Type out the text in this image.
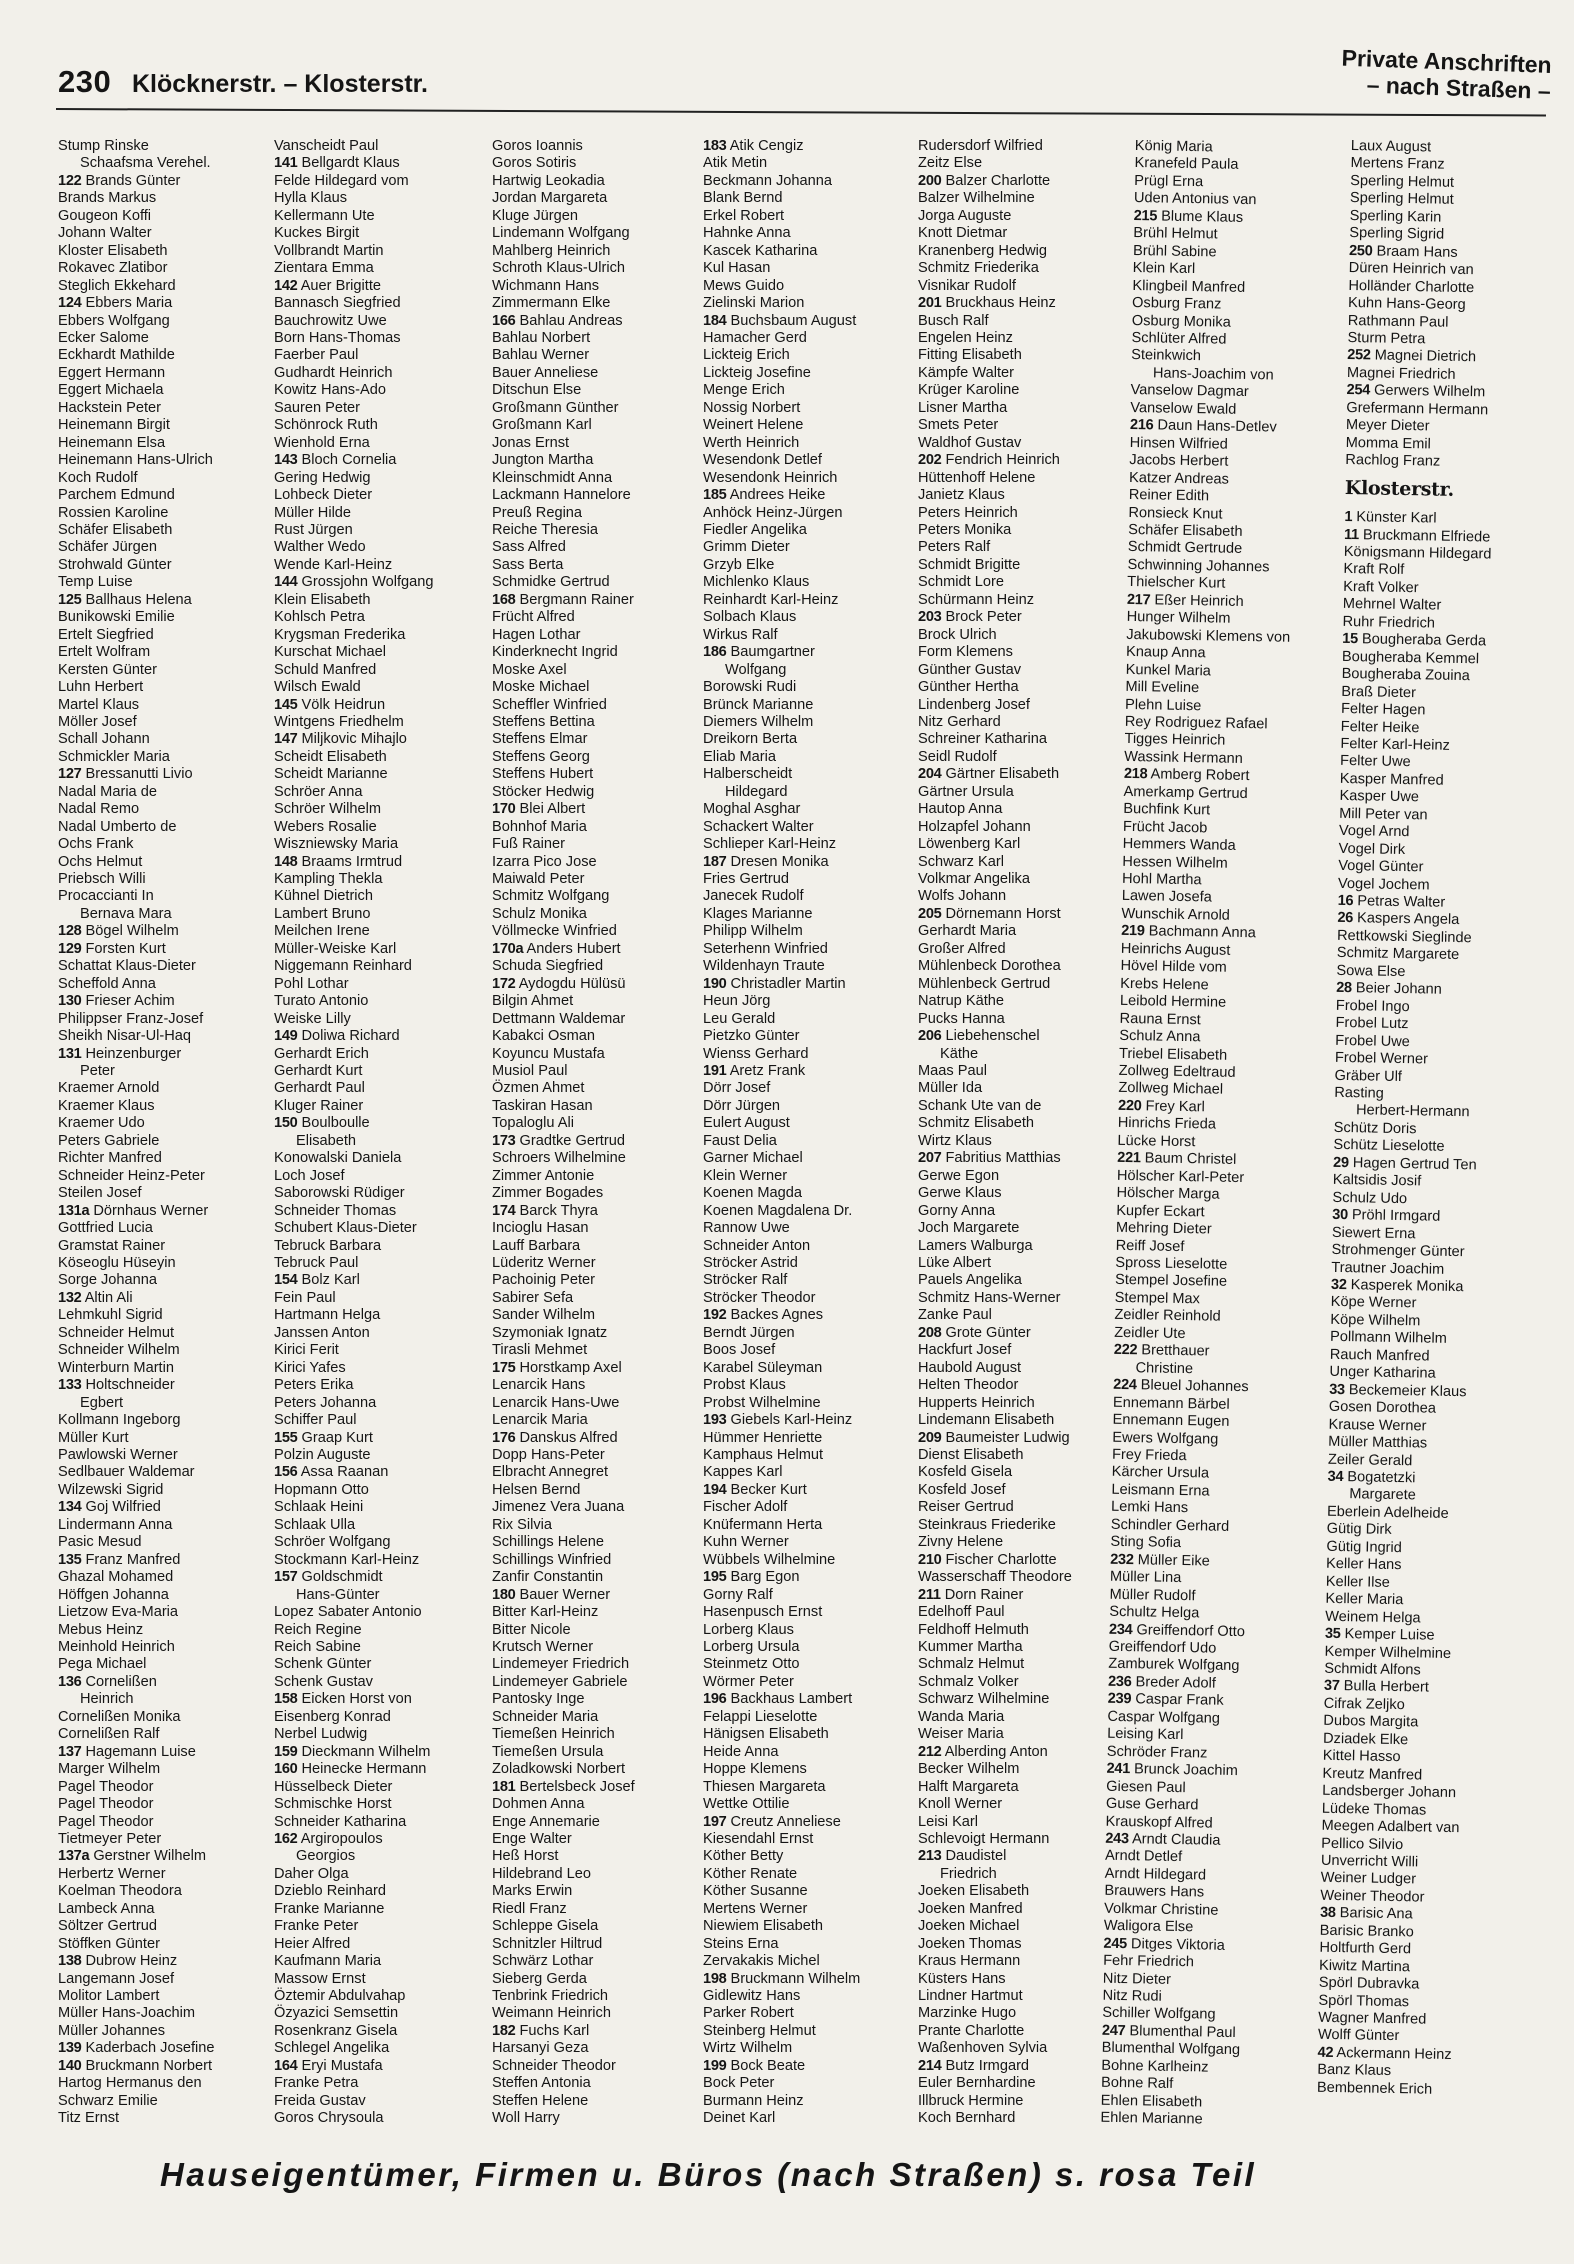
230 Klöcknerstr. – Klosterstr.
Private Anschriften
– nach Straßen –
Stump Rinske
Schaafsma Verehel.
122 Brands Günter
Brands Markus
Gougeon Koffi
Johann Walter
Kloster Elisabeth
Rokavec Zlatibor
Steglich Ekkehard
124 Ebbers Maria
Ebbers Wolfgang
Ecker Salome
Eckhardt Mathilde
Eggert Hermann
Eggert Michaela
Hackstein Peter
Heinemann Birgit
Heinemann Elsa
Heinemann Hans-Ulrich
Koch Rudolf
Parchem Edmund
Rossien Karoline
Schäfer Elisabeth
Schäfer Jürgen
Strohwald Günter
Temp Luise
125 Ballhaus Helena
Bunikowski Emilie
Ertelt Siegfried
Ertelt Wolfram
Kersten Günter
Luhn Herbert
Martel Klaus
Möller Josef
Schall Johann
Schmickler Maria
127 Bressanutti Livio
Nadal Maria de
Nadal Remo
Nadal Umberto de
Ochs Frank
Ochs Helmut
Priebsch Willi
Procacciantі In
Bernava Mara
128 Bögel Wilhelm
129 Forsten Kurt
Schattat Klaus-Dieter
Scheffold Anna
130 Frieser Achim
Philippser Franz-Josef
Sheikh Nisar-Ul-Haq
131 Heinzenburger
Peter
Kraemer Arnold
Kraemer Klaus
Kraemer Udo
Peters Gabriele
Richter Manfred
Schneider Heinz-Peter
Steilen Josef
131a Dörnhaus Werner
Gottfried Lucia
Gramstat Rainer
Köseoglu Hüseyin
Sorge Johanna
132 Altin Ali
Lehmkuhl Sigrid
Schneider Helmut
Schneider Wilhelm
Winterburn Martin
133 Holtschneider
Egbert
Kollmann Ingeborg
Müller Kurt
Pawlowski Werner
Sedlbauer Waldemar
Wilzewski Sigrid
134 Goj Wilfried
Lindermann Anna
Pasic Mesud
135 Franz Manfred
Ghazal Mohamed
Höffgen Johanna
Lietzow Eva-Maria
Mebus Heinz
Meinhold Heinrich
Pega Michael
136 Cornelißen
Heinrich
Cornelißen Monika
Cornelißen Ralf
137 Hagemann Luise
Marger Wilhelm
Pagel Theodor
Pagel Theodor
Pagel Theodor
Tietmeyer Peter
137a Gerstner Wilhelm
Herbertz Werner
Koelman Theodora
Lambeck Anna
Söltzer Gertrud
Stöffken Günter
138 Dubrow Heinz
Langemann Josef
Molitor Lambert
Müller Hans-Joachim
Müller Johannes
139 Kaderbach Josefine
140 Bruckmann Norbert
Hartog Hermanus den
Schwarz Emilie
Titz Ernst
Vanscheidt Paul
141 Bellgardt Klaus
Felde Hildegard vom
Hylla Klaus
Kellermann Ute
Kuckes Birgit
Vollbrandt Martin
Zientara Emma
142 Auer Brigitte
Bannasch Siegfried
Bauchrowitz Uwe
Born Hans-Thomas
Faerber Paul
Gudhardt Heinrich
Kowitz Hans-Ado
Sauren Peter
Schönrock Ruth
Wienhold Erna
143 Bloch Cornelia
Gering Hedwig
Lohbeck Dieter
Müller Hilde
Rust Jürgen
Walther Wedo
Wende Karl-Heinz
144 Grossjohn Wolfgang
Klein Elisabeth
Kohlsch Petra
Krygsman Frederika
Kurschat Michael
Schuld Manfred
Wilsch Ewald
145 Völk Heidrun
Wintgens Friedhelm
147 Miljkovic Mihajlo
Scheidt Elisabeth
Scheidt Marianne
Schröer Anna
Schröer Wilhelm
Webers Rosalie
Wiszniewsky Maria
148 Braams Irmtrud
Kampling Thekla
Kühnel Dietrich
Lambert Bruno
Meilchen Irene
Müller-Weiske Karl
Niggemann Reinhard
Pohl Lothar
Turato Antonio
Weiske Lilly
149 Doliwa Richard
Gerhardt Erich
Gerhardt Kurt
Gerhardt Paul
Kluger Rainer
150 Boulboulle
Elisabeth
Konowalski Daniela
Loch Josef
Saborowski Rüdiger
Schneider Thomas
Schubert Klaus-Dieter
Tebruck Barbara
Tebruck Paul
154 Bolz Karl
Fein Paul
Hartmann Helga
Janssen Anton
Kirici Ferit
Kirici Yafes
Peters Erika
Peters Johanna
Schiffer Paul
155 Graap Kurt
Polzin Auguste
156 Assa Raanan
Hopmann Otto
Schlaak Heini
Schlaak Ulla
Schröer Wolfgang
Stockmann Karl-Heinz
157 Goldschmidt
Hans-Günter
Lopez Sabater Antonio
Reich Regine
Reich Sabine
Schenk Günter
Schenk Gustav
158 Eicken Horst von
Eisenberg Konrad
Nerbel Ludwig
159 Dieckmann Wilhelm
160 Heinecke Hermann
Hüsselbeck Dieter
Schmischke Horst
Schneider Katharina
162 Argiropoulos
Georgios
Daher Olga
Dzieblo Reinhard
Franke Marianne
Franke Peter
Heier Alfred
Kaufmann Maria
Massow Ernst
Öztemir Abdulvahap
Özyazici Semsettin
Rosenkranz Gisela
Schlegel Angelika
164 Eryi Mustafa
Franke Petra
Freida Gustav
Goros Chrysoula
Goros Ioannis
Goros Sotiris
Hartwig Leokadia
Jordan Margareta
Kluge Jürgen
Lindemann Wolfgang
Mahlberg Heinrich
Schroth Klaus-Ulrich
Wichmann Hans
Zimmermann Elke
166 Bahlau Andreas
Bahlau Norbert
Bahlau Werner
Bauer Anneliese
Ditschun Else
Großmann Günther
Großmann Karl
Jonas Ernst
Jungton Martha
Kleinschmidt Anna
Lackmann Hannelore
Preuß Regina
Reiche Theresia
Sass Alfred
Sass Berta
Schmidke Gertrud
168 Bergmann Rainer
Frücht Alfred
Hagen Lothar
Kinderknecht Ingrid
Moske Axel
Moske Michael
Scheffler Winfried
Steffens Bettina
Steffens Elmar
Steffens Georg
Steffens Hubert
Stöcker Hedwig
170 Blei Albert
Bohnhof Maria
Fuß Rainer
Izarra Pico Jose
Maiwald Peter
Schmitz Wolfgang
Schulz Monika
Völlmecke Winfried
170a Anders Hubert
Schuda Siegfried
172 Aydogdu Hülüsü
Bilgin Ahmet
Dettmann Waldemar
Kabakci Osman
Koyuncu Mustafa
Musiol Paul
Özmen Ahmet
Taskiran Hasan
Topaloglu Ali
173 Gradtke Gertrud
Schroers Wilhelmine
Zimmer Antonie
Zimmer Bogades
174 Barck Thyra
Incioglu Hasan
Lauff Barbara
Lüderitz Werner
Pachoinig Peter
Sabirer Sefa
Sander Wilhelm
Szymoniak Ignatz
Tirasli Mehmet
175 Horstkamp Axel
Lenarcik Hans
Lenarcik Hans-Uwe
Lenarcik Maria
176 Danskus Alfred
Dopp Hans-Peter
Elbracht Annegret
Helsen Bernd
Jimenez Vera Juana
Rix Silvia
Schillings Helene
Schillings Winfried
Zanfir Constantin
180 Bauer Werner
Bitter Karl-Heinz
Bitter Nicole
Krutsch Werner
Lindemeyer Friedrich
Lindemeyer Gabriele
Pantosky Inge
Schneider Maria
Tiemeßen Heinrich
Tiemeßen Ursula
Zoladkowski Norbert
181 Bertelsbeck Josef
Dohmen Anna
Enge Annemarie
Enge Walter
Heß Horst
Hildebrand Leo
Marks Erwin
Riedl Franz
Schleppe Gisela
Schnitzler Hiltrud
Schwärz Lothar
Sieberg Gerda
Tenbrink Friedrich
Weimann Heinrich
182 Fuchs Karl
Harsanyi Geza
Schneider Theodor
Steffen Antonia
Steffen Helene
Woll Harry
183 Atik Cengiz
Atik Metin
Beckmann Johanna
Blank Bernd
Erkel Robert
Hahnke Anna
Kascek Katharina
Kul Hasan
Mews Guido
Zielinski Marion
184 Buchsbaum August
Hamacher Gerd
Lickteig Erich
Lickteig Josefine
Menge Erich
Nossig Norbert
Weinert Helene
Werth Heinrich
Wesendonk Detlef
Wesendonk Heinrich
185 Andrees Heike
Anhöck Heinz-Jürgen
Fiedler Angelika
Grimm Dieter
Grzyb Elke
Michlenko Klaus
Reinhardt Karl-Heinz
Solbach Klaus
Wirkus Ralf
186 Baumgartner
Wolfgang
Borowski Rudi
Brünck Marianne
Diemers Wilhelm
Dreikorn Berta
Eliab Maria
Halberscheidt
Hildegard
Moghal Asghar
Schackert Walter
Schlieper Karl-Heinz
187 Dresen Monika
Fries Gertrud
Janecek Rudolf
Klages Marianne
Philipp Wilhelm
Seterhenn Winfried
Wildenhayn Traute
190 Christadler Martin
Heun Jörg
Leu Gerald
Pietzko Günter
Wienss Gerhard
191 Aretz Frank
Dörr Josef
Dörr Jürgen
Eulert August
Faust Delia
Garner Michael
Klein Werner
Koenen Magda
Koenen Magdalena Dr.
Rannow Uwe
Schneider Anton
Ströcker Astrid
Ströcker Ralf
Ströcker Theodor
192 Backes Agnes
Berndt Jürgen
Boos Josef
Karabel Süleyman
Probst Klaus
Probst Wilhelmine
193 Giebels Karl-Heinz
Hümmer Henriette
Kamphaus Helmut
Kappes Karl
194 Becker Kurt
Fischer Adolf
Knüfermann Herta
Kuhn Werner
Wübbels Wilhelmine
195 Barg Egon
Gorny Ralf
Hasenpusch Ernst
Lorberg Klaus
Lorberg Ursula
Steinmetz Otto
Wörmer Peter
196 Backhaus Lambert
Felappi Lieselotte
Hänigsen Elisabeth
Heide Anna
Hoppe Klemens
Thiesen Margareta
Wettke Ottilie
197 Creutz Anneliese
Kiesendahl Ernst
Köther Betty
Köther Renate
Köther Susanne
Mertens Werner
Niewiem Elisabeth
Steins Erna
Zervakakis Michel
198 Bruckmann Wilhelm
Gidlewitz Hans
Parker Robert
Steinberg Helmut
Wirtz Wilhelm
199 Bock Beate
Bock Peter
Burmann Heinz
Deinet Karl
Rudersdorf Wilfried
Zeitz Else
200 Balzer Charlotte
Balzer Wilhelmine
Jorga Auguste
Knott Dietmar
Kranenberg Hedwig
Schmitz Friederika
Visnikar Rudolf
201 Bruckhaus Heinz
Busch Ralf
Engelen Heinz
Fitting Elisabeth
Kämpfe Walter
Krüger Karoline
Lisner Martha
Smets Peter
Waldhof Gustav
202 Fendrich Heinrich
Hüttenhoff Helene
Janietz Klaus
Peters Heinrich
Peters Monika
Peters Ralf
Schmidt Brigitte
Schmidt Lore
Schürmann Heinz
203 Brock Peter
Brock Ulrich
Form Klemens
Günther Gustav
Günther Hertha
Lindenberg Josef
Nitz Gerhard
Schreiner Katharina
Seidl Rudolf
204 Gärtner Elisabeth
Gärtner Ursula
Hautop Anna
Holzapfel Johann
Löwenberg Karl
Schwarz Karl
Volkmar Angelika
Wolfs Johann
205 Dörnemann Horst
Gerhardt Maria
Großer Alfred
Mühlenbeck Dorothea
Mühlenbeck Gertrud
Natrup Käthe
Pucks Hanna
206 Liebehenschel
Käthe
Maas Paul
Müller Ida
Schank Ute van de
Schmitz Elisabeth
Wirtz Klaus
207 Fabritius Matthias
Gerwe Egon
Gerwe Klaus
Gorny Anna
Joch Margarete
Lamers Walburga
Lüke Albert
Pauels Angelika
Schmitz Hans-Werner
Zanke Paul
208 Grote Günter
Hackfurt Josef
Haubold August
Helten Theodor
Hupperts Heinrich
Lindemann Elisabeth
209 Baumeister Ludwig
Dienst Elisabeth
Kosfeld Gisela
Kosfeld Josef
Reiser Gertrud
Steinkraus Friederike
Zivny Helene
210 Fischer Charlotte
Wasserschaff Theodore
211 Dorn Rainer
Edelhoff Paul
Feldhoff Helmuth
Kummer Martha
Schmalz Helmut
Schmalz Volker
Schwarz Wilhelmine
Wanda Maria
Weiser Maria
212 Alberding Anton
Becker Wilhelm
Halft Margareta
Knoll Werner
Leisi Karl
Schlevoigt Hermann
213 Daudistel
Friedrich
Joeken Elisabeth
Joeken Manfred
Joeken Michael
Joeken Thomas
Kraus Hermann
Küsters Hans
Lindner Hartmut
Marzinke Hugo
Prante Charlotte
Waßenhoven Sylvia
214 Butz Irmgard
Euler Bernhardine
Illbruck Hermine
Koch Bernhard
König Maria
Kranefeld Paula
Prügl Erna
Uden Antonius van
215 Blume Klaus
Brühl Helmut
Brühl Sabine
Klein Karl
Klingbeil Manfred
Osburg Franz
Osburg Monika
Schlüter Alfred
Steinkwich
Hans-Joachim von
Vanselow Dagmar
Vanselow Ewald
216 Daun Hans-Detlev
Hinsen Wilfried
Jacobs Herbert
Katzer Andreas
Reiner Edith
Ronsieck Knut
Schäfer Elisabeth
Schmidt Gertrude
Schwinning Johannes
Thielscher Kurt
217 Eßer Heinrich
Hunger Wilhelm
Jakubowski Klemens von
Knaup Anna
Kunkel Maria
Mill Eveline
Plehn Luise
Rey Rodriguez Rafael
Tigges Heinrich
Wassink Hermann
218 Amberg Robert
Amerkamp Gertrud
Buchfink Kurt
Frücht Jacob
Hemmers Wanda
Hessen Wilhelm
Hohl Martha
Lawen Josefa
Wunschik Arnold
219 Bachmann Anna
Heinrichs August
Hövel Hilde vom
Krebs Helene
Leibold Hermine
Rauna Ernst
Schulz Anna
Triebel Elisabeth
Zollweg Edeltraud
Zollweg Michael
220 Frey Karl
Hinrichs Frieda
Lücke Horst
221 Baum Christel
Hölscher Karl-Peter
Hölscher Marga
Kupfer Eckart
Mehring Dieter
Reiff Josef
Spross Lieselotte
Stempel Josefine
Stempel Max
Zeidler Reinhold
Zeidler Ute
222 Bretthauer
Christine
224 Bleuel Johannes
Ennemann Bärbel
Ennemann Eugen
Ewers Wolfgang
Frey Frieda
Kärcher Ursula
Leismann Erna
Lemki Hans
Schindler Gerhard
Sting Sofia
232 Müller Eike
Müller Lina
Müller Rudolf
Schultz Helga
234 Greiffendorf Otto
Greiffendorf Udo
Zamburek Wolfgang
236 Breder Adolf
239 Caspar Frank
Caspar Wolfgang
Leising Karl
Schröder Franz
241 Brunck Joachim
Giesen Paul
Guse Gerhard
Krauskopf Alfred
243 Arndt Claudia
Arndt Detlef
Arndt Hildegard
Brauwers Hans
Volkmar Christine
Waligora Else
245 Ditges Viktoria
Fehr Friedrich
Nitz Dieter
Nitz Rudi
Schiller Wolfgang
247 Blumenthal Paul
Blumenthal Wolfgang
Bohne Karlheinz
Bohne Ralf
Ehlen Elisabeth
Ehlen Marianne
Laux August
Mertens Franz
Sperling Helmut
Sperling Helmut
Sperling Karin
Sperling Sigrid
250 Braam Hans
Düren Heinrich van
Holländer Charlotte
Kuhn Hans-Georg
Rathmann Paul
Sturm Petra
252 Magnei Dietrich
Magnei Friedrich
254 Gerwers Wilhelm
Grefermann Hermann
Meyer Dieter
Momma Emil
Rachlog Franz
Klosterstr.
1 Künster Karl
11 Bruckmann Elfriede
Königsmann Hildegard
Kraft Rolf
Kraft Volker
Mehrnel Walter
Ruhr Friedrich
15 Bougheraba Gerda
Bougheraba Kemmel
Bougheraba Zouina
Braß Dieter
Felter Hagen
Felter Heike
Felter Karl-Heinz
Felter Uwe
Kasper Manfred
Kasper Uwe
Mill Peter van
Vogel Arnd
Vogel Dirk
Vogel Günter
Vogel Jochem
16 Petras Walter
26 Kaspers Angela
Rettkowski Sieglinde
Schmitz Margarete
Sowa Else
28 Beier Johann
Frobel Ingo
Frobel Lutz
Frobel Uwe
Frobel Werner
Gräber Ulf
Rasting
Herbert-Hermann
Schütz Doris
Schütz Lieselotte
29 Hagen Gertrud Ten
Kaltsidis Josif
Schulz Udo
30 Pröhl Irmgard
Siewert Erna
Strohmenger Günter
Trautner Joachim
32 Kasperek Monika
Köpe Werner
Köpe Wilhelm
Pollmann Wilhelm
Rauch Manfred
Unger Katharina
33 Beckemeier Klaus
Gosen Dorothea
Krause Werner
Müller Matthias
Zeiler Gerald
34 Bogatetzki
Margarete
Eberlein Adelheide
Gütig Dirk
Gütig Ingrid
Keller Hans
Keller Ilse
Keller Maria
Weinem Helga
35 Kemper Luise
Kemper Wilhelmine
Schmidt Alfons
37 Bulla Herbert
Cifrak Zeljko
Dubos Margita
Dziadek Elke
Kittel Hasso
Kreutz Manfred
Landsberger Johann
Lüdeke Thomas
Meegen Adalbert van
Pellico Silvio
Unverricht Willi
Weiner Ludger
Weiner Theodor
38 Barisic Ana
Barisic Branko
Holtfurth Gerd
Kiwitz Martina
Spörl Dubravka
Spörl Thomas
Wagner Manfred
Wolff Günter
42 Ackermann Heinz
Banz Klaus
Bembennek Erich
Hauseigentümer, Firmen u. Büros (nach Straßen) s. rosa Teil
